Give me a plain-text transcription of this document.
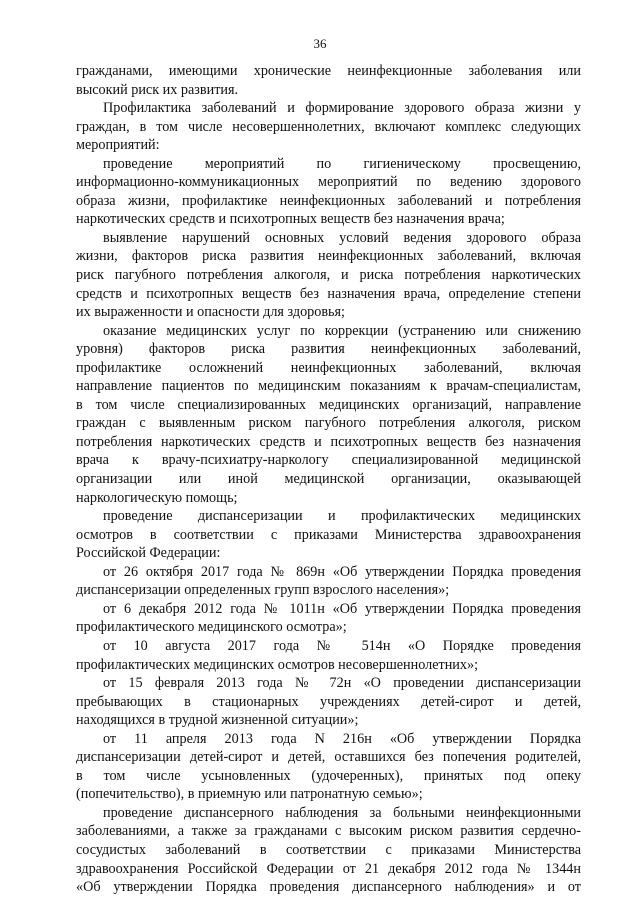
36
гражданами, имеющими хронические неинфекционные заболевания или
высокий риск их развития.
Профилактика заболеваний и формирование здорового образа жизни у
граждан, в том числе несовершеннолетних, включают комплекс следующих
мероприятий:
проведение мероприятий по гигиеническому просвещению,
информационно-коммуникационных мероприятий по ведению здорового
образа жизни, профилактике неинфекционных заболеваний и потребления
наркотических средств и психотропных веществ без назначения врача;
выявление нарушений основных условий ведения здорового образа
жизни, факторов риска развития неинфекционных заболеваний, включая
риск пагубного потребления алкоголя, и риска потребления наркотических
средств и психотропных веществ без назначения врача, определение степени
их выраженности и опасности для здоровья;
оказание медицинских услуг по коррекции (устранению или снижению
уровня) факторов риска развития неинфекционных заболеваний,
профилактике осложнений неинфекционных заболеваний, включая
направление пациентов по медицинским показаниям к врачам-специалистам,
в том числе специализированных медицинских организаций, направление
граждан с выявленным риском пагубного потребления алкоголя, риском
потребления наркотических средств и психотропных веществ без назначения
врача к врачу-психиатру-наркологу специализированной медицинской
организации или иной медицинской организации, оказывающей
наркологическую помощь;
проведение диспансеризации и профилактических медицинских
осмотров в соответствии с приказами Министерства здравоохранения
Российской Федерации:
от 26 октября 2017 года № 869н «Об утверждении Порядка проведения
диспансеризации определенных групп взрослого населения»;
от 6 декабря 2012 года № 1011н «Об утверждении Порядка проведения
профилактического медицинского осмотра»;
от 10 августа 2017 года № 514н «О Порядке проведения
профилактических медицинских осмотров несовершеннолетних»;
от 15 февраля 2013 года № 72н «О проведении диспансеризации
пребывающих в стационарных учреждениях детей-сирот и детей,
находящихся в трудной жизненной ситуации»;
от 11 апреля 2013 года N 216н «Об утверждении Порядка
диспансеризации детей-сирот и детей, оставшихся без попечения родителей,
в том числе усыновленных (удочеренных), принятых под опеку
(попечительство), в приемную или патронатную семью»;
проведение диспансерного наблюдения за больными неинфекционными
заболеваниями, а также за гражданами с высоким риском развития сердечно-
сосудистых заболеваний в соответствии с приказами Министерства
здравоохранения Российской Федерации от 21 декабря 2012 года № 1344н
«Об утверждении Порядка проведения диспансерного наблюдения» и от
